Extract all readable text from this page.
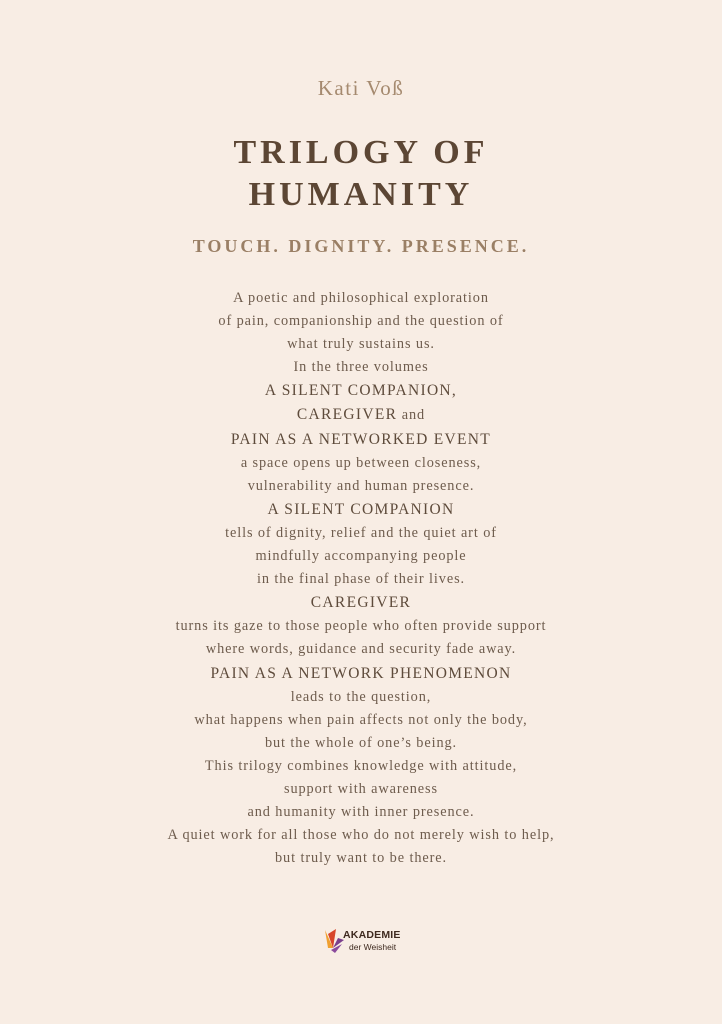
Kati Voß
TRILOGY OF
HUMANITY
TOUCH. DIGNITY. PRESENCE.
A poetic and philosophical exploration
of pain, companionship and the question of
what truly sustains us.
In the three volumes
A SILENT COMPANION,
CAREGIVER and
PAIN AS A NETWORKED EVENT
a space opens up between closeness,
vulnerability and human presence.
A SILENT COMPANION
tells of dignity, relief and the quiet art of
mindfully accompanying people
in the final phase of their lives.
CAREGIVER
turns its gaze to those people who often provide support
where words, guidance and security fade away.
PAIN AS A NETWORK PHENOMENON
leads to the question,
what happens when pain affects not only the body,
but the whole of one’s being.
This trilogy combines knowledge with attitude,
support with awareness
and humanity with inner presence.
A quiet work for all those who do not merely wish to help,
but truly want to be there.
AKADEMIE
der Weisheit
